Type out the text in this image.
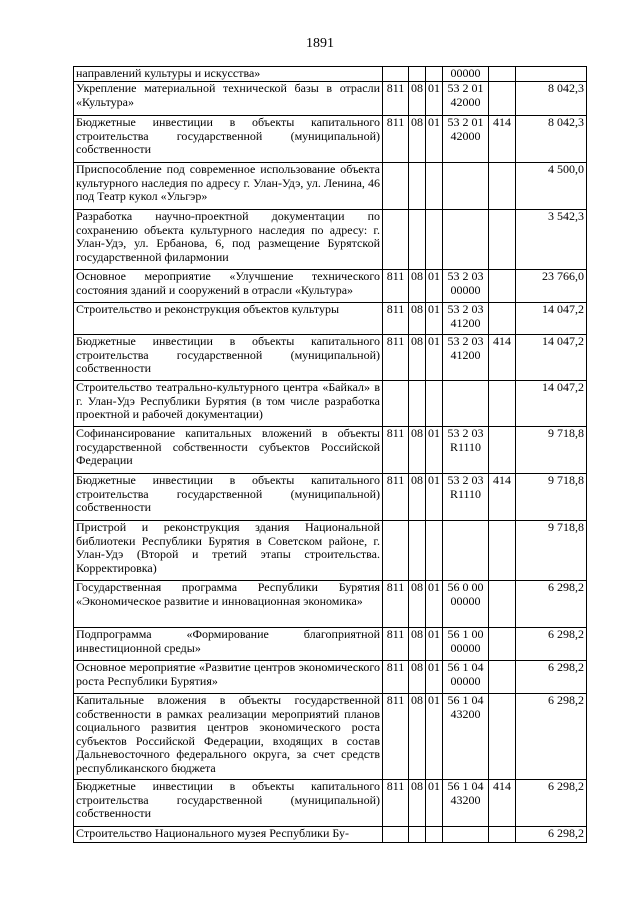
1891
направлений культуры и искусства»				00000		
Укрепление материальной технической базы в отрасли «Культура»	811	08	01	53 2 01 42000		8 042,3
Бюджетные инвестиции в объекты капитального строительства государственной (муниципальной) собственности	811	08	01	53 2 01 42000	414	8 042,3
Приспособление под современное использование объекта культурного наследия по адресу г. Улан-Удэ, ул. Ленина, 46 под Театр кукол «Ульгэр»						4 500,0
Разработка научно-проектной документации по сохранению объекта культурного наследия по адресу: г. Улан-Удэ, ул. Ербанова, 6, под размещение Бурятской государственной филармонии						3 542,3
Основное мероприятие «Улучшение технического состояния зданий и сооружений в отрасли «Культура»	811	08	01	53 2 03 00000		23 766,0
Строительство и реконструкция объектов культуры	811	08	01	53 2 03 41200		14 047,2
Бюджетные инвестиции в объекты капитального строительства государственной (муниципальной) собственности	811	08	01	53 2 03 41200	414	14 047,2
Строительство театрально-культурного центра «Байкал» в г. Улан-Удэ Республики Бурятия (в том числе разработка проектной и рабочей документации)						14 047,2
Софинансирование капитальных вложений в объекты государственной собственности субъектов Российской Федерации	811	08	01	53 2 03 R1110		9 718,8
Бюджетные инвестиции в объекты капитального строительства государственной (муниципальной) собственности	811	08	01	53 2 03 R1110	414	9 718,8
Пристрой и реконструкция здания Национальной библиотеки Республики Бурятия в Советском районе, г. Улан-Удэ (Второй и третий этапы строительства. Корректировка)						9 718,8
Государственная программа Республики Бурятия «Экономическое развитие и инновационная экономика»	811	08	01	56 0 00 00000		6 298,2
Подпрограмма «Формирование благоприятной инвестиционной среды»	811	08	01	56 1 00 00000		6 298,2
Основное мероприятие «Развитие центров экономического роста Республики Бурятия»	811	08	01	56 1 04 00000		6 298,2
Капитальные вложения в объекты государственной собственности в рамках реализации мероприятий планов социального развития центров экономического роста субъектов Российской Федерации, входящих в состав Дальневосточного федерального округа, за счет средств республиканского бюджета	811	08	01	56 1 04 43200		6 298,2
Бюджетные инвестиции в объекты капитального строительства государственной (муниципальной) собственности	811	08	01	56 1 04 43200	414	6 298,2
Строительство Национального музея Республики Бу-						6 298,2
